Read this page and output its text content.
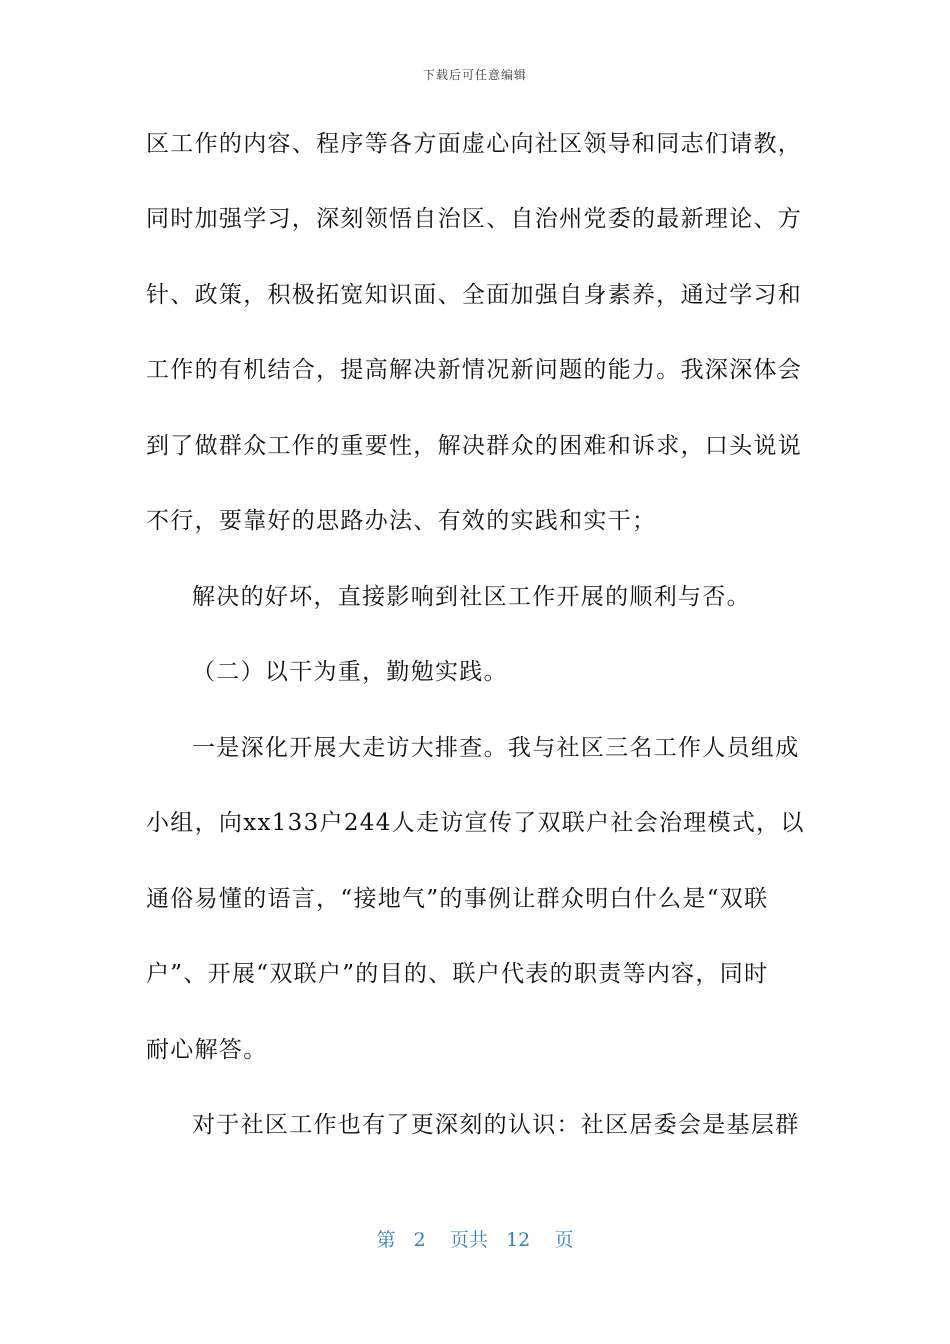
下载后可任意编辑
区工作的内容、程序等各方面虚心向社区领导和同志们请教，
同时加强学习，深刻领悟自治区、自治州党委的最新理论、方
针、政策，积极拓宽知识面、全面加强自身素养，通过学习和
工作的有机结合，提高解决新情况新问题的能力。我深深体会
到了做群众工作的重要性，解决群众的困难和诉求，口头说说
不行，要靠好的思路办法、有效的实践和实干；
解决的好坏，直接影响到社区工作开展的顺利与否。
（二）以干为重，勤勉实践。
一是深化开展大走访大排查。我与社区三名工作人员组成
小组，向xx133户244人走访宣传了双联户社会治理模式，以
通俗易懂的语言，“接地气”的事例让群众明白什么是“双联
户”、开展“双联户”的目的、联户代表的职责等内容，同时
耐心解答。
对于社区工作也有了更深刻的认识：社区居委会是基层群
第 2 页共 12 页
